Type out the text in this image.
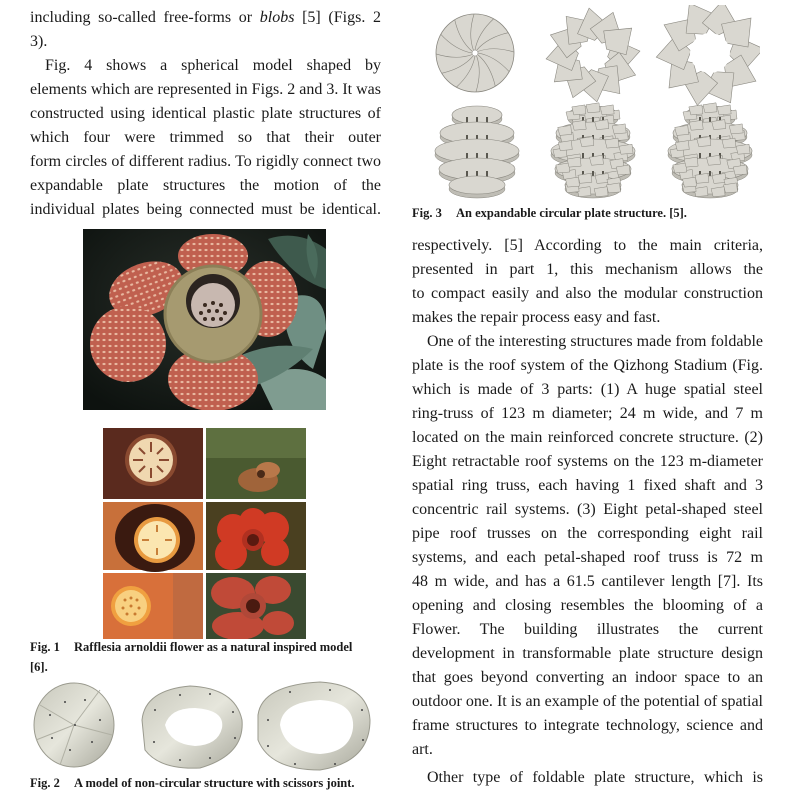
including so-called free-forms or blobs [5] (Figs. 2
3).
Fig. 4 shows a spherical model shaped by
elements which are represented in Figs. 2 and 3. It was
constructed using identical plastic plate structures of
which four were trimmed so that their outer
form circles of different radius. To rigidly connect two
expandable plate structures the motion of the
individual plates being connected must be identical.
Fig. 1 Rafflesia arnoldii flower as a natural inspired model
[6].
Fig. 2 A model of non-circular structure with scissors joint.
Fig. 3 An expandable circular plate structure. [5].
respectively. [5] According to the main criteria,
presented in part 1, this mechanism allows the
to compact easily and also the modular construction
makes the repair process easy and fast.
One of the interesting structures made from foldable
plate is the roof system of the Qizhong Stadium (Fig.
which is made of 3 parts: (1) A huge spatial steel
ring-truss of 123 m diameter; 24 m wide, and 7 m
located on the main reinforced concrete structure. (2)
Eight retractable roof systems on the 123 m-diameter
spatial ring truss, each having 1 fixed shaft and 3
concentric rail systems. (3) Eight petal-shaped steel
pipe roof trusses on the corresponding eight rail
systems, and each petal-shaped roof truss is 72 m
48 m wide, and has a 61.5 cantilever length [7]. Its
opening and closing resembles the blooming of a
Flower. The building illustrates the current
development in transformable plate structure design
that goes beyond converting an indoor space to an
outdoor one. It is an example of the potential of spatial
frame structures to integrate technology, science and
art.
Other type of foldable plate structure, which is
